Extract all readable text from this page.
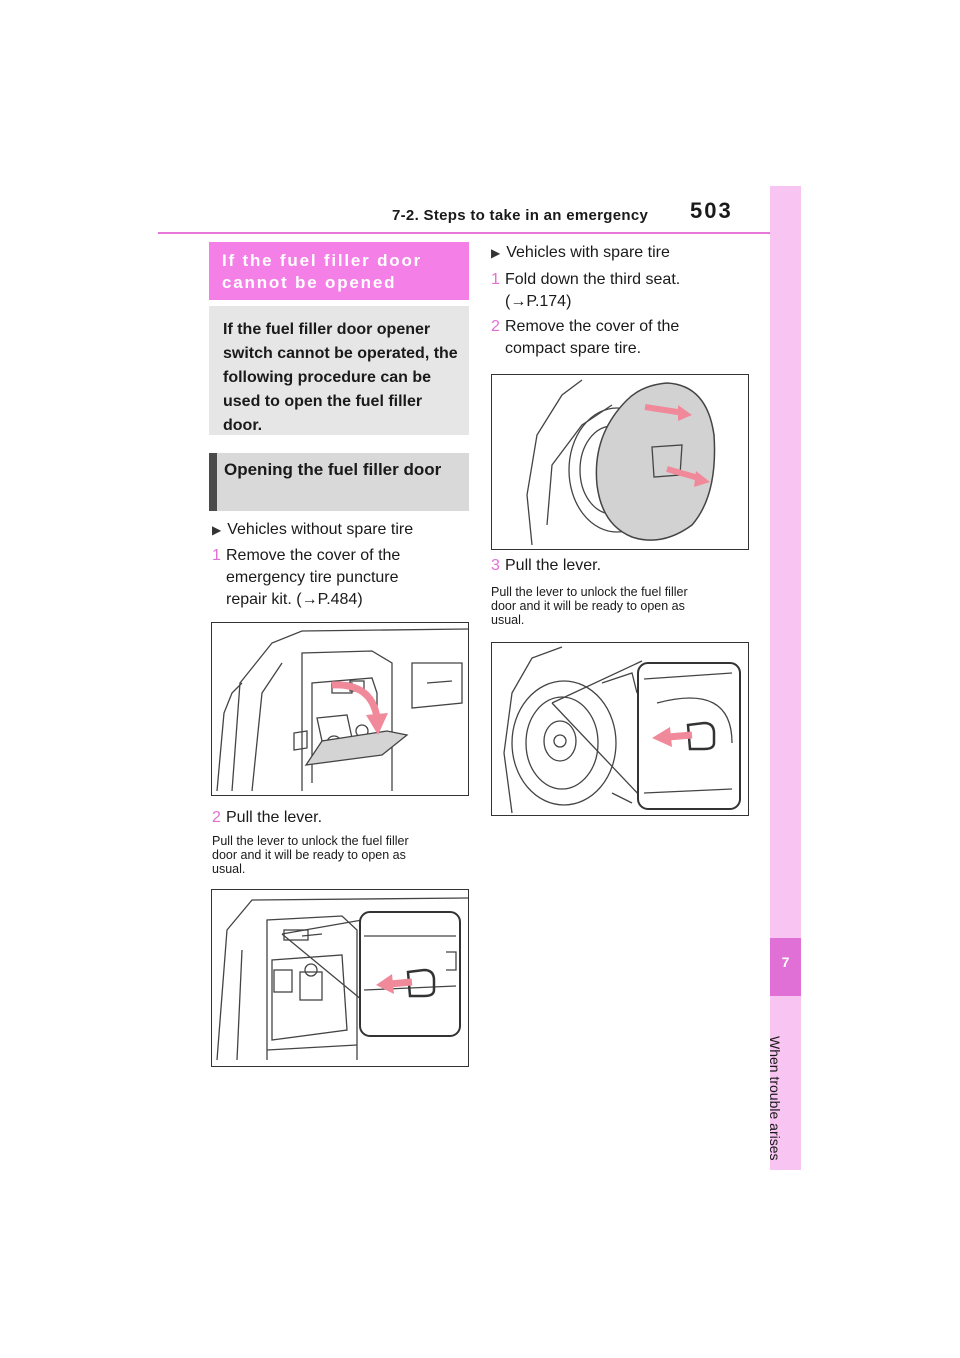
7-2. Steps to take in an emergency 503
7
When trouble arises
If the fuel filler door cannot be opened
If the fuel filler door opener switch cannot be operated, the following procedure can be used to open the fuel filler door.
Opening the fuel filler door
▶ Vehicles without spare tire
1 Remove the cover of the
emergency tire puncture
repair kit. (→P.484)
2 Pull the lever.
Pull the lever to unlock the fuel filler
door and it will be ready to open as
usual.
▶ Vehicles with spare tire
1 Fold down the third seat.
(→P.174)
2 Remove the cover of the
compact spare tire.
3 Pull the lever.
Pull the lever to unlock the fuel filler
door and it will be ready to open as
usual.
